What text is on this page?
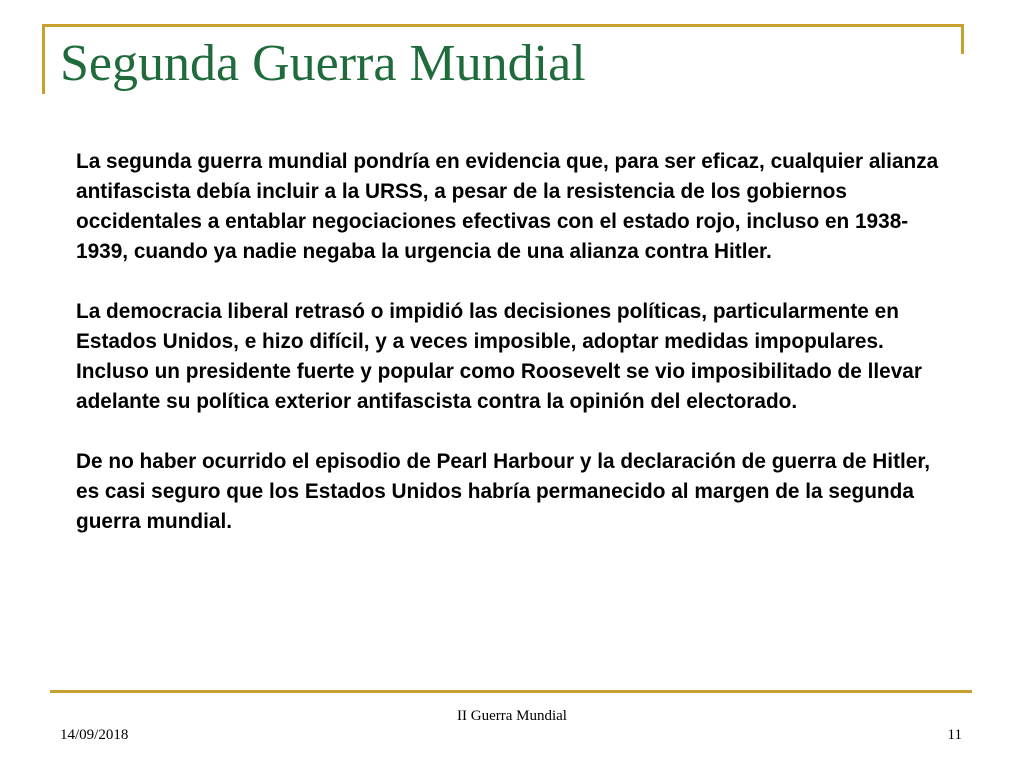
Segunda Guerra Mundial

La segunda guerra mundial pondría en evidencia que, para ser eficaz, cualquier alianza antifascista debía incluir a la URSS, a pesar de la resistencia de los gobiernos occidentales a entablar negociaciones efectivas con el estado rojo, incluso en 1938-1939, cuando ya nadie negaba la urgencia de una alianza contra Hitler.

La democracia liberal retrasó o impidió las decisiones políticas, particularmente en Estados Unidos, e hizo difícil, y a veces imposible, adoptar medidas impopulares. Incluso un presidente fuerte y popular como Roosevelt se vio imposibilitado de llevar adelante su política exterior antifascista contra la opinión del electorado.

De no haber ocurrido el episodio de Pearl Harbour y la declaración de guerra de Hitler, es casi seguro que los Estados Unidos habría permanecido al margen de la segunda guerra mundial.

II Guerra Mundial
14/09/2018	11
